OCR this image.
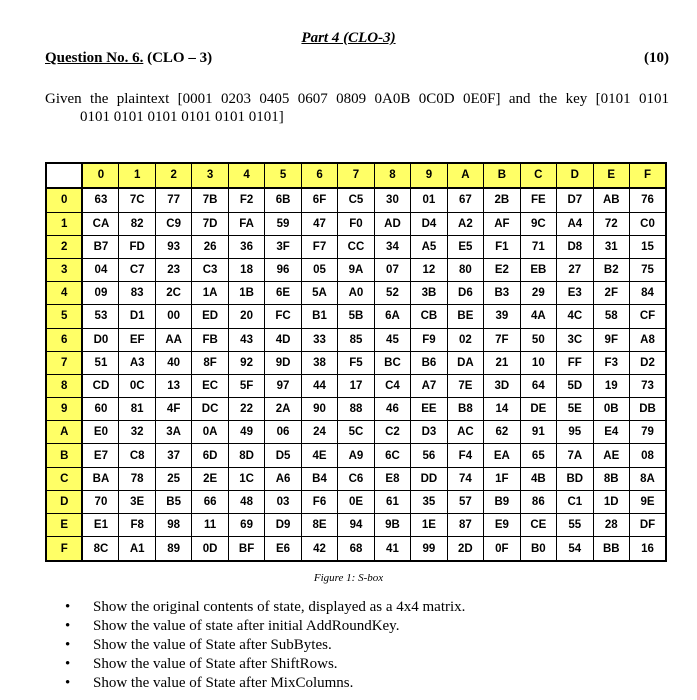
Part 4 (CLO-3)
Question No. 6. (CLO – 3)	(10)
Given the plaintext [0001 0203 0405 0607 0809 0A0B 0C0D 0E0F] and the key [0101 0101
0101 0101 0101 0101 0101 0101]
	0	1	2	3	4	5	6	7	8	9	A	B	C	D	E	F
0	63	7C	77	7B	F2	6B	6F	C5	30	01	67	2B	FE	D7	AB	76
1	CA	82	C9	7D	FA	59	47	F0	AD	D4	A2	AF	9C	A4	72	C0
2	B7	FD	93	26	36	3F	F7	CC	34	A5	E5	F1	71	D8	31	15
3	04	C7	23	C3	18	96	05	9A	07	12	80	E2	EB	27	B2	75
4	09	83	2C	1A	1B	6E	5A	A0	52	3B	D6	B3	29	E3	2F	84
5	53	D1	00	ED	20	FC	B1	5B	6A	CB	BE	39	4A	4C	58	CF
6	D0	EF	AA	FB	43	4D	33	85	45	F9	02	7F	50	3C	9F	A8
7	51	A3	40	8F	92	9D	38	F5	BC	B6	DA	21	10	FF	F3	D2
8	CD	0C	13	EC	5F	97	44	17	C4	A7	7E	3D	64	5D	19	73
9	60	81	4F	DC	22	2A	90	88	46	EE	B8	14	DE	5E	0B	DB
A	E0	32	3A	0A	49	06	24	5C	C2	D3	AC	62	91	95	E4	79
B	E7	C8	37	6D	8D	D5	4E	A9	6C	56	F4	EA	65	7A	AE	08
C	BA	78	25	2E	1C	A6	B4	C6	E8	DD	74	1F	4B	BD	8B	8A
D	70	3E	B5	66	48	03	F6	0E	61	35	57	B9	86	C1	1D	9E
E	E1	F8	98	11	69	D9	8E	94	9B	1E	87	E9	CE	55	28	DF
F	8C	A1	89	0D	BF	E6	42	68	41	99	2D	0F	B0	54	BB	16
Figure 1: S-box
• Show the original contents of state, displayed as a 4x4 matrix.
• Show the value of state after initial AddRoundKey.
• Show the value of State after SubBytes.
• Show the value of State after ShiftRows.
• Show the value of State after MixColumns.
